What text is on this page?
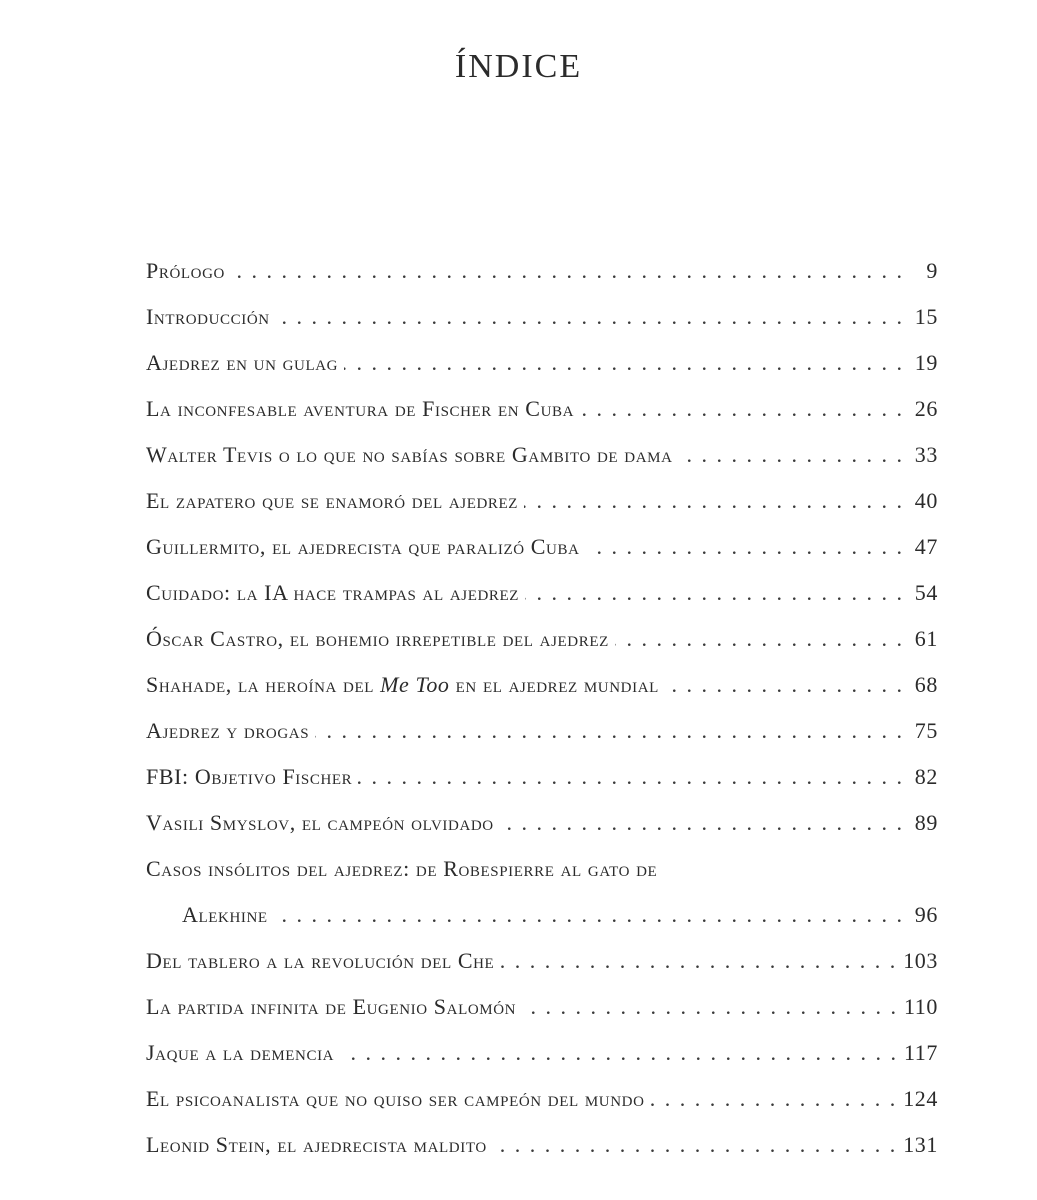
ÍNDICE
Prólogo . . .	9
Introducción . . .	15
Ajedrez en un gulag . . .	19
La inconfesable aventura de Fischer en Cuba . . .	26
Walter Tevis o lo que no sabías sobre Gambito de dama . . .	33
El zapatero que se enamoró del ajedrez . . .	40
Guillermito, el ajedrecista que paralizó Cuba . . .	47
Cuidado: la IA hace trampas al ajedrez . . .	54
Óscar Castro, el bohemio irrepetible del ajedrez . . .	61
Shahade, la heroína del Me Too en el ajedrez mundial . . .	68
Ajedrez y drogas . . .	75
FBI: Objetivo Fischer . . .	82
Vasili Smyslov, el campeón olvidado . . .	89
Casos insólitos del ajedrez: de Robespierre al gato de
Alekhine . . .	96
Del tablero a la revolución del Che . . .	103
La partida infinita de Eugenio Salomón . . .	110
Jaque a la demencia . . .	117
El psicoanalista que no quiso ser campeón del mundo . . .	124
Leonid Stein, el ajedrecista maldito . . .	131
